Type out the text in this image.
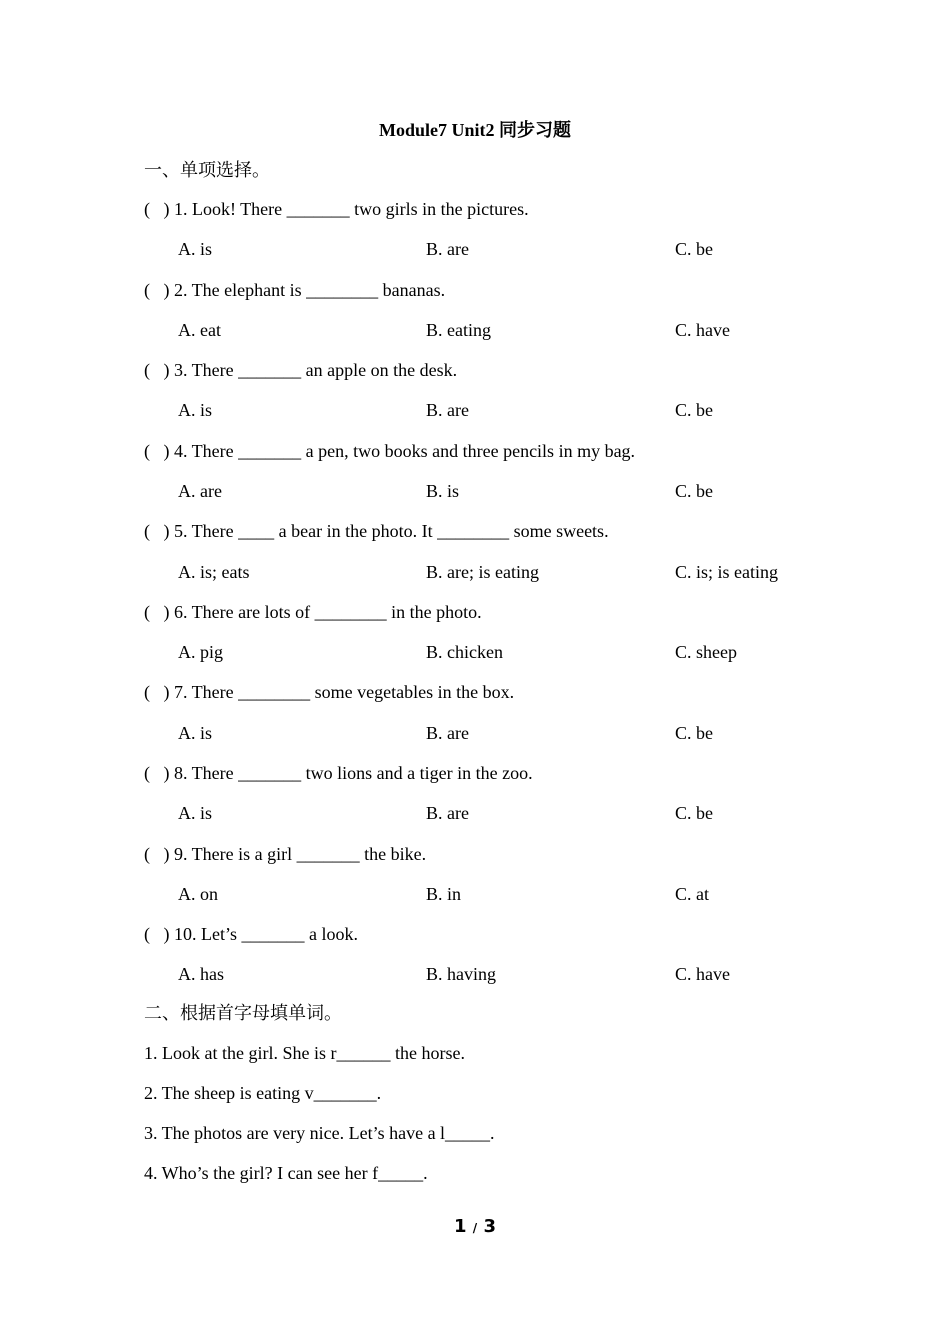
Module7 Unit2 同步习题
一、单项选择。
(   ) 1. Look! There _______ two girls in the pictures.
A. is	B. are	C. be
(   ) 2. The elephant is ________ bananas.
A. eat	B. eating	C. have
(   ) 3. There _______ an apple on the desk.
A. is	B. are	C. be
(   ) 4. There _______ a pen, two books and three pencils in my bag.
A. are	B. is	C. be
(   ) 5. There ____ a bear in the photo. It ________ some sweets.
A. is; eats	B. are; is eating	C. is; is eating
(   ) 6. There are lots of ________ in the photo.
A. pig	B. chicken	C. sheep
(   ) 7. There ________ some vegetables in the box.
A. is	B. are	C. be
(   ) 8. There _______ two lions and a tiger in the zoo.
A. is	B. are	C. be
(   ) 9. There is a girl _______ the bike.
A. on	B. in	C. at
(   ) 10. Let’s _______ a look.
A. has	B. having	C. have
二、根据首字母填单词。
1. Look at the girl. She is r______ the horse.
2. The sheep is eating v_______.
3. The photos are very nice. Let’s have a l_____.
4. Who’s the girl? I can see her f_____.
1 / 3
